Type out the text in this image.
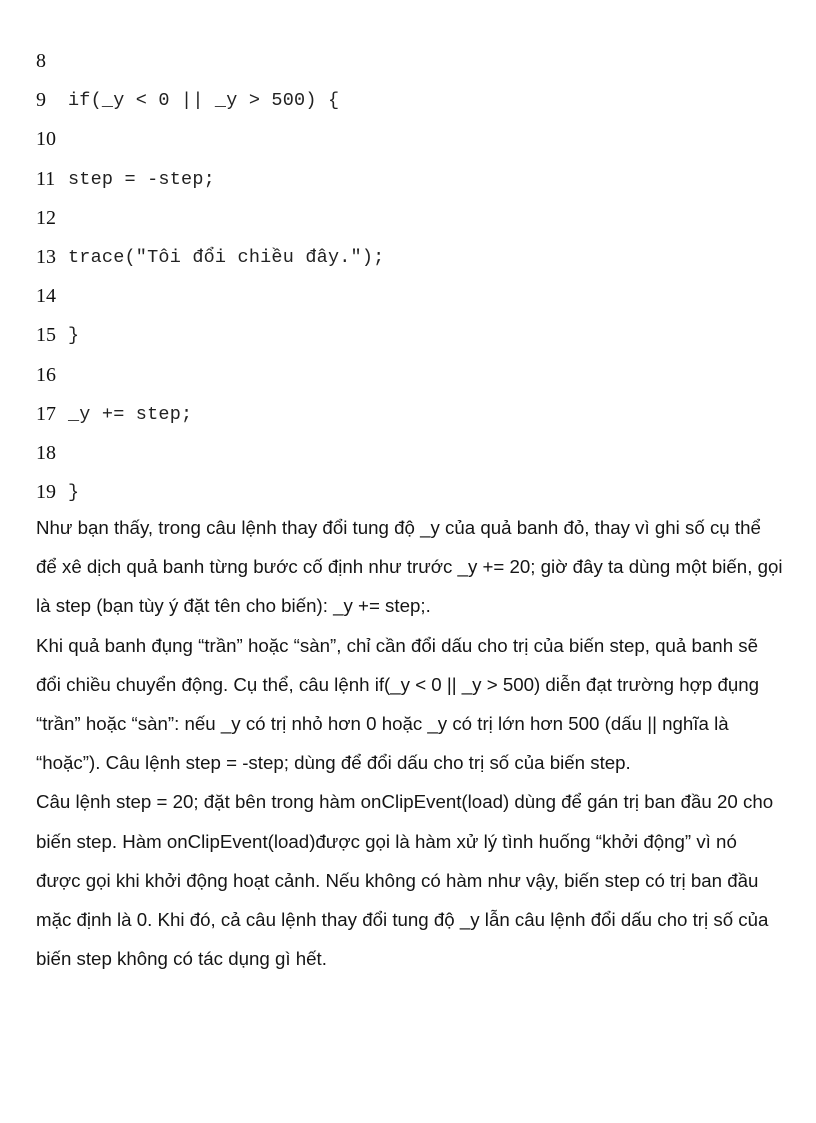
8
9	if(_y < 0 || _y > 500) {
10
11 step = -step;
12
13 trace("Tôi đổi chiều đây.");
14
15 }
16
17 _y += step;
18
19 }

Như bạn thấy, trong câu lệnh thay đổi tung độ _y của quả banh đỏ, thay vì ghi số cụ thể để xê dịch quả banh từng bước cố định như trước _y += 20; giờ đây ta dùng một biến, gọi là step (bạn tùy ý đặt tên cho biến): _y += step;.

Khi quả banh đụng “trần” hoặc “sàn”, chỉ cần đổi dấu cho trị của biến step, quả banh sẽ đổi chiều chuyển động. Cụ thể, câu lệnh if(_y < 0 || _y > 500) diễn đạt trường hợp đụng “trần” hoặc “sàn”: nếu _y có trị nhỏ hơn 0 hoặc _y có trị lớn hơn 500 (dấu || nghĩa là “hoặc”). Câu lệnh step = -step; dùng để đổi dấu cho trị số của biến step.

Câu lệnh step = 20; đặt bên trong hàm onClipEvent(load) dùng để gán trị ban đầu 20 cho biến step. Hàm onClipEvent(load)được gọi là hàm xử lý tình huống “khởi động” vì nó được gọi khi khởi động hoạt cảnh. Nếu không có hàm như vậy, biến step có trị ban đầu mặc định là 0. Khi đó, cả câu lệnh thay đổi tung độ _y lẫn câu lệnh đổi dấu cho trị số của biến step không có tác dụng gì hết.
